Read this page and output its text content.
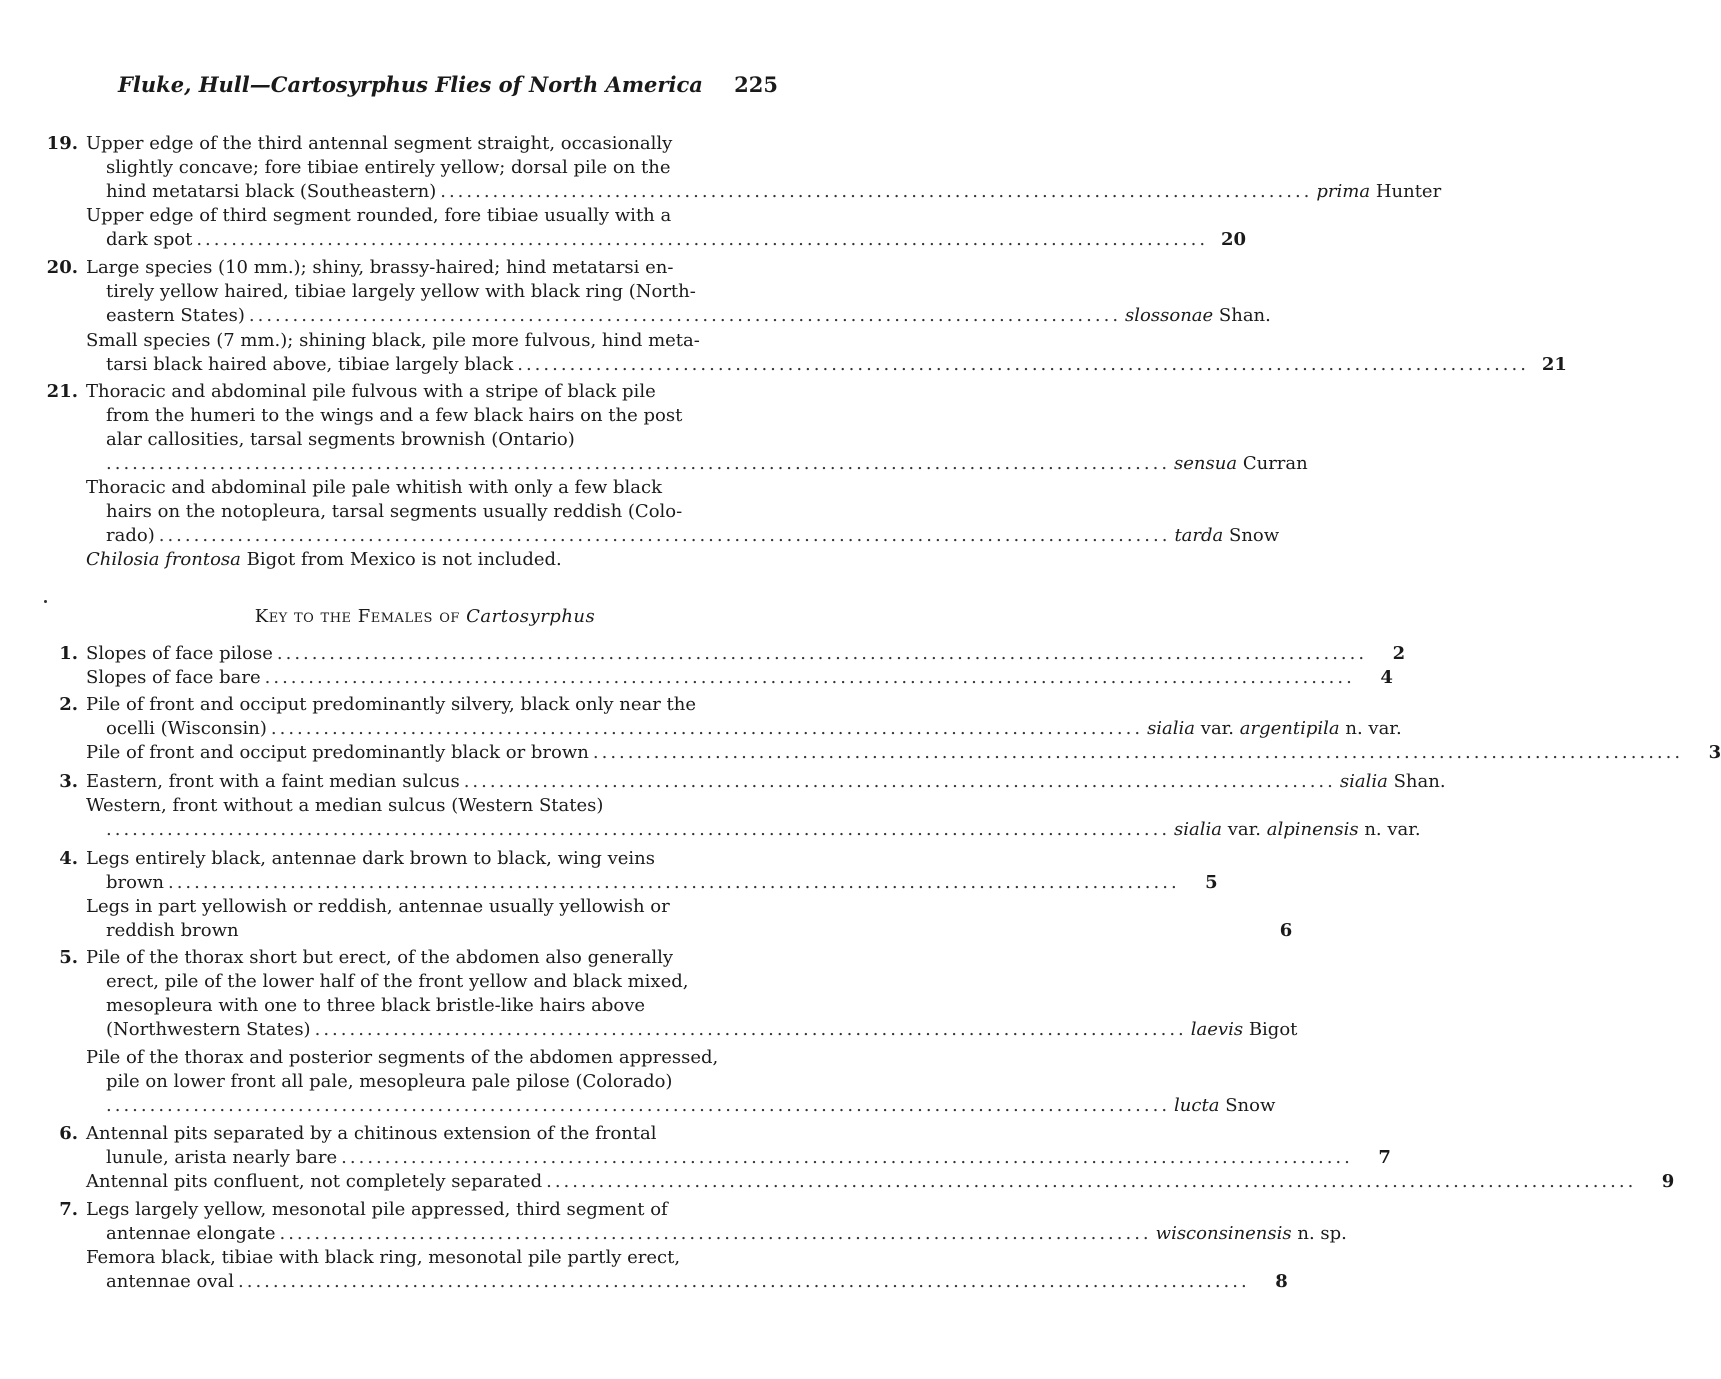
Fluke, Hull—Cartosyrphus Flies of North America 225
19. Upper edge of the third antennal segment straight, occasionally
slightly concave; fore tibiae entirely yellow; dorsal pile on the
hind metatarsi black (Southeastern) .................................................................................................... prima Hunter
Upper edge of third segment rounded, fore tibiae usually with a
dark spot .................................................................................................................... 20
20. Large species (10 mm.); shiny, brassy-haired; hind metatarsi en-
tirely yellow haired, tibiae largely yellow with black ring (North-
eastern States) .................................................................................................... slossonae Shan.
Small species (7 mm.); shining black, pile more fulvous, hind meta-
tarsi black haired above, tibiae largely black .................................................................................................................... 21
21. Thoracic and abdominal pile fulvous with a stripe of black pile
from the humeri to the wings and a few black hairs on the post
alar callosities, tarsal segments brownish (Ontario)
.......................................................................................................................... sensua Curran
Thoracic and abdominal pile pale whitish with only a few black
hairs on the notopleura, tarsal segments usually reddish (Colo-
rado) .................................................................................................................... tarda Snow
Chilosia frontosa Bigot from Mexico is not included.
Key to the Females of Cartosyrphus
1. Slopes of face pilose .............................................................................................................................	2
Slopes of face bare .............................................................................................................................	4
2. Pile of front and occiput predominantly silvery, black only near the
ocelli (Wisconsin) .................................................................................................... sialia var. argentipila n. var.
Pile of front and occiput predominantly black or brown .............................................................................................................................	3
3. Eastern, front with a faint median sulcus .................................................................................................... sialia Shan.
Western, front without a median sulcus (Western States)
.......................................................................................................................... sialia var. alpinensis n. var.
4. Legs entirely black, antennae dark brown to black, wing veins
brown ....................................................................................................................	5
Legs in part yellowish or reddish, antennae usually yellowish or
reddish brown ....................................................................................................................	6
5. Pile of the thorax short but erect, of the abdomen also generally
erect, pile of the lower half of the front yellow and black mixed,
mesopleura with one to three black bristle-like hairs above
(Northwestern States) .................................................................................................... laevis Bigot
Pile of the thorax and posterior segments of the abdomen appressed,
pile on lower front all pale, mesopleura pale pilose (Colorado)
.......................................................................................................................... lucta Snow
6. Antennal pits separated by a chitinous extension of the frontal
lunule, arista nearly bare ....................................................................................................................	7
Antennal pits confluent, not completely separated .............................................................................................................................	9
7. Legs largely yellow, mesonotal pile appressed, third segment of
antennae elongate .................................................................................................... wisconsinensis n. sp.
Femora black, tibiae with black ring, mesonotal pile partly erect,
antennae oval ....................................................................................................................	8
